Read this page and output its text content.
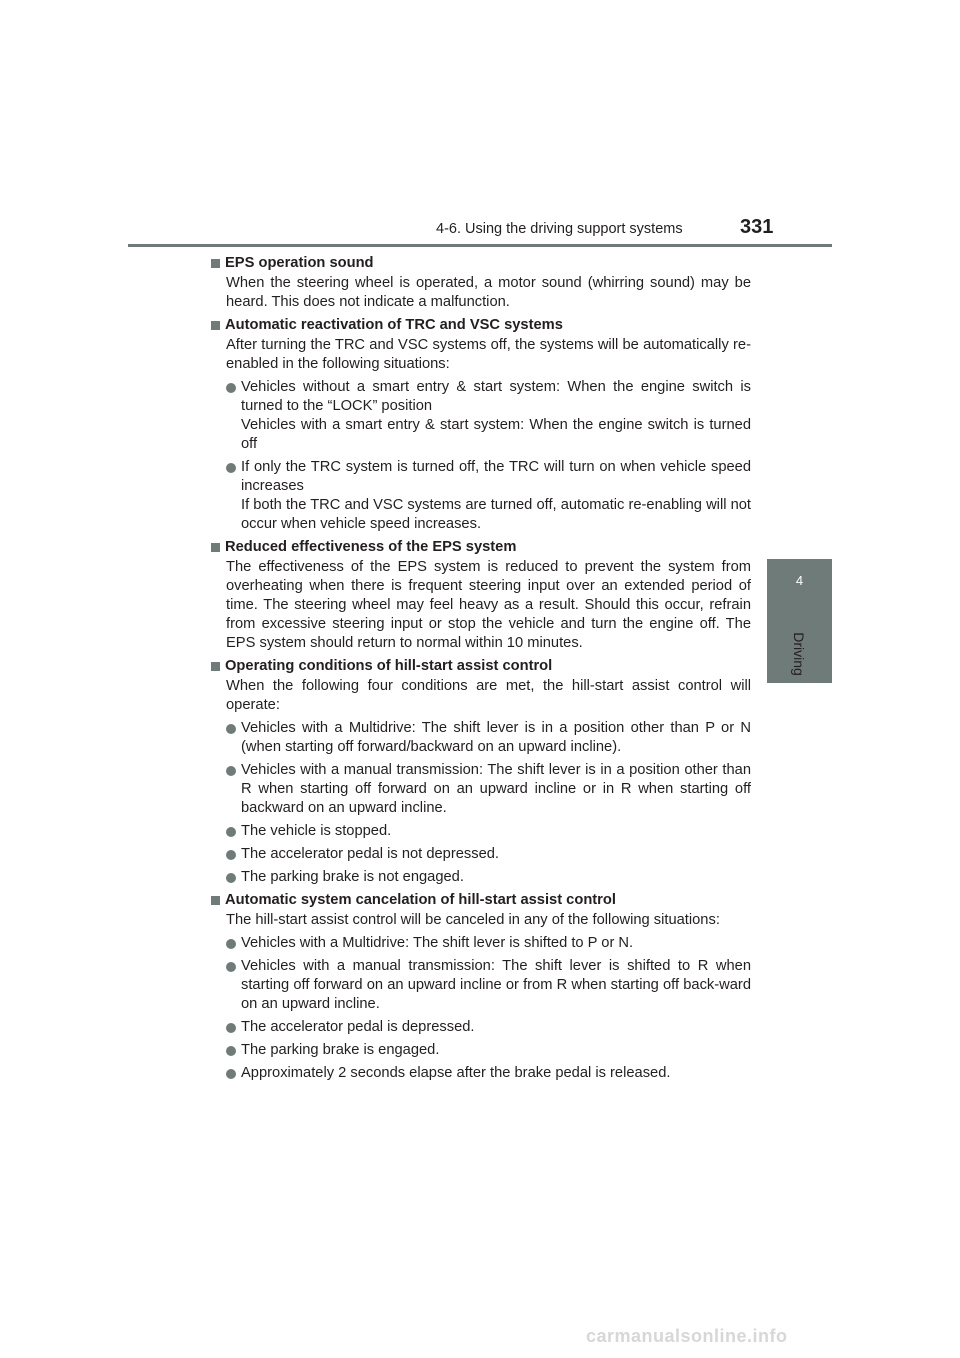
4-6. Using the driving support systems	331
4
Driving
EPS operation sound
When the steering wheel is operated, a motor sound (whirring sound) may be heard. This does not indicate a malfunction.
Automatic reactivation of TRC and VSC systems
After turning the TRC and VSC systems off, the systems will be automatically re-enabled in the following situations:

Vehicles without a smart entry & start system: When the engine switch is turned to the “LOCK” position

Vehicles with a smart entry & start system: When the engine switch is turned off

If only the TRC system is turned off, the TRC will turn on when vehicle speed increases

If both the TRC and VSC systems are turned off, automatic re-enabling will not occur when vehicle speed increases.

Reduced effectiveness of the EPS system
The effectiveness of the EPS system is reduced to prevent the system from overheating when there is frequent steering input over an extended period of time. The steering wheel may feel heavy as a result. Should this occur, refrain from excessive steering input or stop the vehicle and turn the engine off. The EPS system should return to normal within 10 minutes.
Operating conditions of hill-start assist control
When the following four conditions are met, the hill-start assist control will operate:

Vehicles with a Multidrive: The shift lever is in a position other than P or N (when starting off forward/backward on an upward incline).

Vehicles with a manual transmission: The shift lever is in a position other than R when starting off forward on an upward incline or in R when starting off backward on an upward incline.

The vehicle is stopped.

The accelerator pedal is not depressed.

The parking brake is not engaged.

Automatic system cancelation of hill-start assist control
The hill-start assist control will be canceled in any of the following situations:

Vehicles with a Multidrive: The shift lever is shifted to P or N.

Vehicles with a manual transmission: The shift lever is shifted to R when starting off forward on an upward incline or from R when starting off back-ward on an upward incline.

The accelerator pedal is depressed.

The parking brake is engaged.

Approximately 2 seconds elapse after the brake pedal is released.

carmanualsonline.info
